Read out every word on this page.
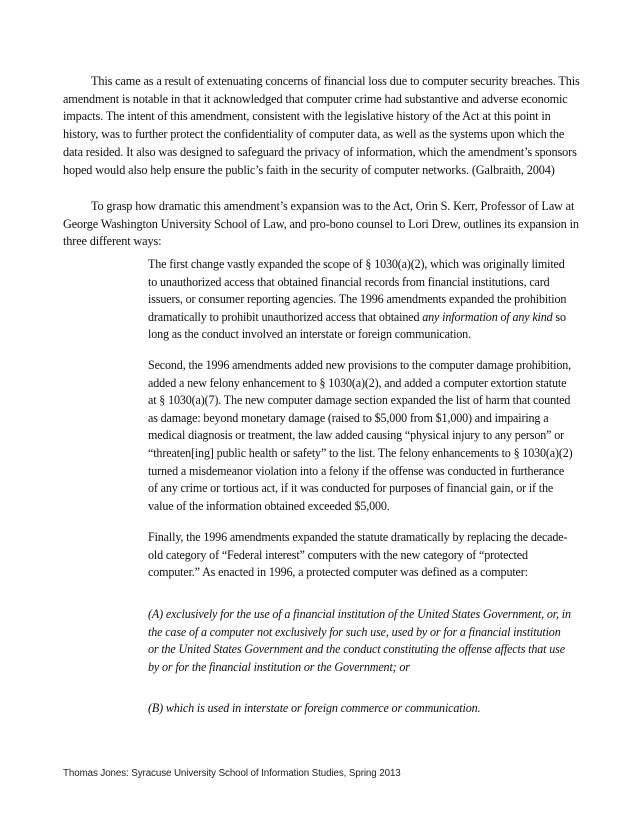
This came as a result of extenuating concerns of financial loss due to computer security breaches. This amendment is notable in that it acknowledged that computer crime had substantive and adverse economic impacts. The intent of this amendment, consistent with the legislative history of the Act at this point in history, was to further protect the confidentiality of computer data, as well as the systems upon which the data resided. It also was designed to safeguard the privacy of information, which the amendment’s sponsors hoped would also help ensure the public’s faith in the security of computer networks. (Galbraith, 2004)

To grasp how dramatic this amendment’s expansion was to the Act, Orin S. Kerr, Professor of Law at George Washington University School of Law, and pro-bono counsel to Lori Drew, outlines its expansion in three different ways:

The first change vastly expanded the scope of § 1030(a)(2), which was originally limited to unauthorized access that obtained financial records from financial institutions, card issuers, or consumer reporting agencies. The 1996 amendments expanded the prohibition dramatically to prohibit unauthorized access that obtained any information of any kind so long as the conduct involved an interstate or foreign communication.

Second, the 1996 amendments added new provisions to the computer damage prohibition, added a new felony enhancement to § 1030(a)(2), and added a computer extortion statute at § 1030(a)(7). The new computer damage section expanded the list of harm that counted as damage: beyond monetary damage (raised to $5,000 from $1,000) and impairing a medical diagnosis or treatment, the law added causing “physical injury to any person” or “threaten[ing] public health or safety” to the list. The felony enhancements to § 1030(a)(2) turned a misdemeanor violation into a felony if the offense was conducted in furtherance of any crime or tortious act, if it was conducted for purposes of financial gain, or if the value of the information obtained exceeded $5,000.

Finally, the 1996 amendments expanded the statute dramatically by replacing the decade-old category of “Federal interest” computers with the new category of “protected computer.” As enacted in 1996, a protected computer was defined as a computer:

(A) exclusively for the use of a financial institution of the United States Government, or, in the case of a computer not exclusively for such use, used by or for a financial institution or the United States Government and the conduct constituting the offense affects that use by or for the financial institution or the Government; or

(B) which is used in interstate or foreign commerce or communication.

Thomas Jones: Syracuse University School of Information Studies, Spring 2013
